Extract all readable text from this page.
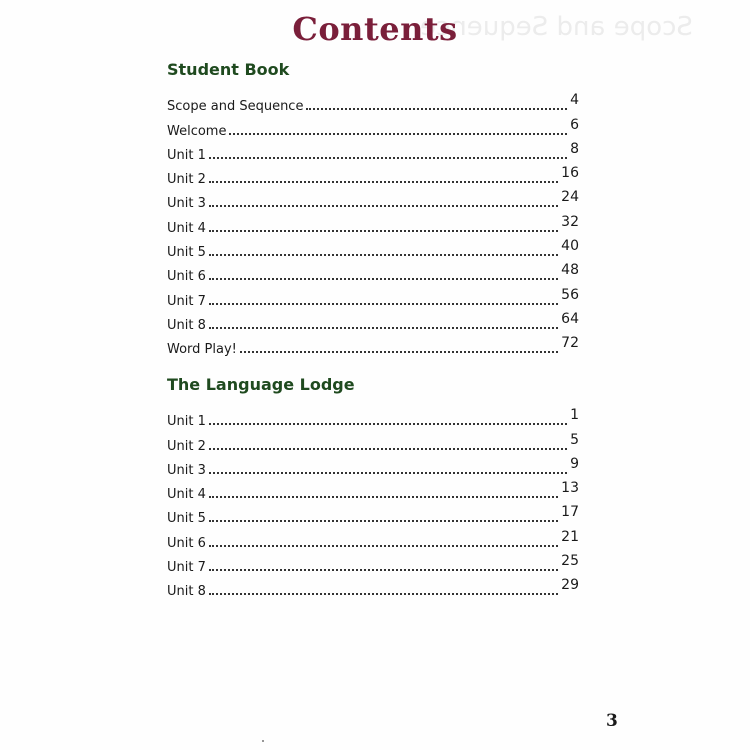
Scope and Sequence
Contents
Student Book
Scope and Sequence	4
Welcome	6
Unit 1	8
Unit 2	16
Unit 3	24
Unit 4	32
Unit 5	40
Unit 6	48
Unit 7	56
Unit 8	64
Word Play!	72
The Language Lodge
Unit 1	1
Unit 2	5
Unit 3	9
Unit 4	13
Unit 5	17
Unit 6	21
Unit 7	25
Unit 8	29
3
